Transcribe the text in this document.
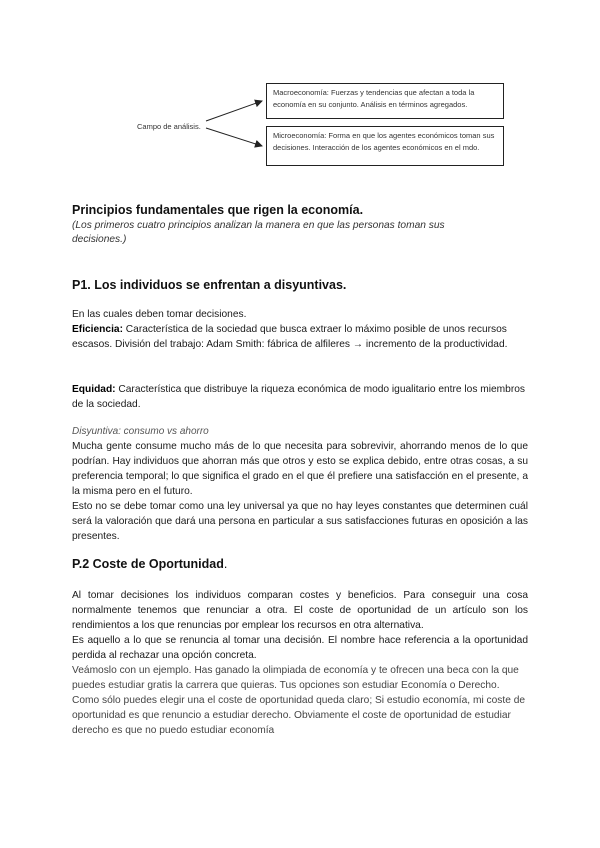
Campo de análisis.
Macroeconomía: Fuerzas y tendencias que afectan a toda la economía en su conjunto. Análisis en términos agregados.
Microeconomía: Forma en que los agentes económicos toman sus decisiones. Interacción de los agentes económicos en el mdo.
Principios fundamentales que rigen la economía.
(Los primeros cuatro principios analizan la manera en que las personas toman sus decisiones.)
P1. Los individuos se enfrentan a disyuntivas.
En las cuales deben tomar decisiones.
Eficiencia: Característica de la sociedad que busca extraer lo máximo posible de unos recursos escasos. División del trabajo: Adam Smith: fábrica de alfileres → incremento de la productividad.
Equidad: Característica que distribuye la riqueza económica de modo igualitario entre los miembros de la sociedad.
Disyuntiva: consumo vs ahorro
Mucha gente consume mucho más de lo que necesita para sobrevivir, ahorrando menos de lo que podrían. Hay individuos que ahorran más que otros y esto se explica debido, entre otras cosas, a su preferencia temporal; lo que significa el grado en el que él prefiere una satisfacción en el presente, a la misma pero en el futuro.
Esto no se debe tomar como una ley universal ya que no hay leyes constantes que determinen cuál será la valoración que dará una persona en particular a sus satisfacciones futuras en oposición a las presentes.
P.2 Coste de Oportunidad.
Al tomar decisiones los individuos comparan costes y beneficios. Para conseguir una cosa normalmente tenemos que renunciar a otra. El coste de oportunidad de un artículo son los rendimientos a los que renuncias por emplear los recursos en otra alternativa.
Es aquello a lo que se renuncia al tomar una decisión. El nombre hace referencia a la oportunidad perdida al rechazar una opción concreta.
Veámoslo con un ejemplo. Has ganado la olimpiada de economía y te ofrecen una beca con la que puedes estudiar gratis la carrera que quieras. Tus opciones son estudiar Economía o Derecho. Como sólo puedes elegir una el coste de oportunidad queda claro; Si estudio economía, mi coste de oportunidad es que renuncio a estudiar derecho. Obviamente el coste de oportunidad de estudiar derecho es que no puedo estudiar economía
